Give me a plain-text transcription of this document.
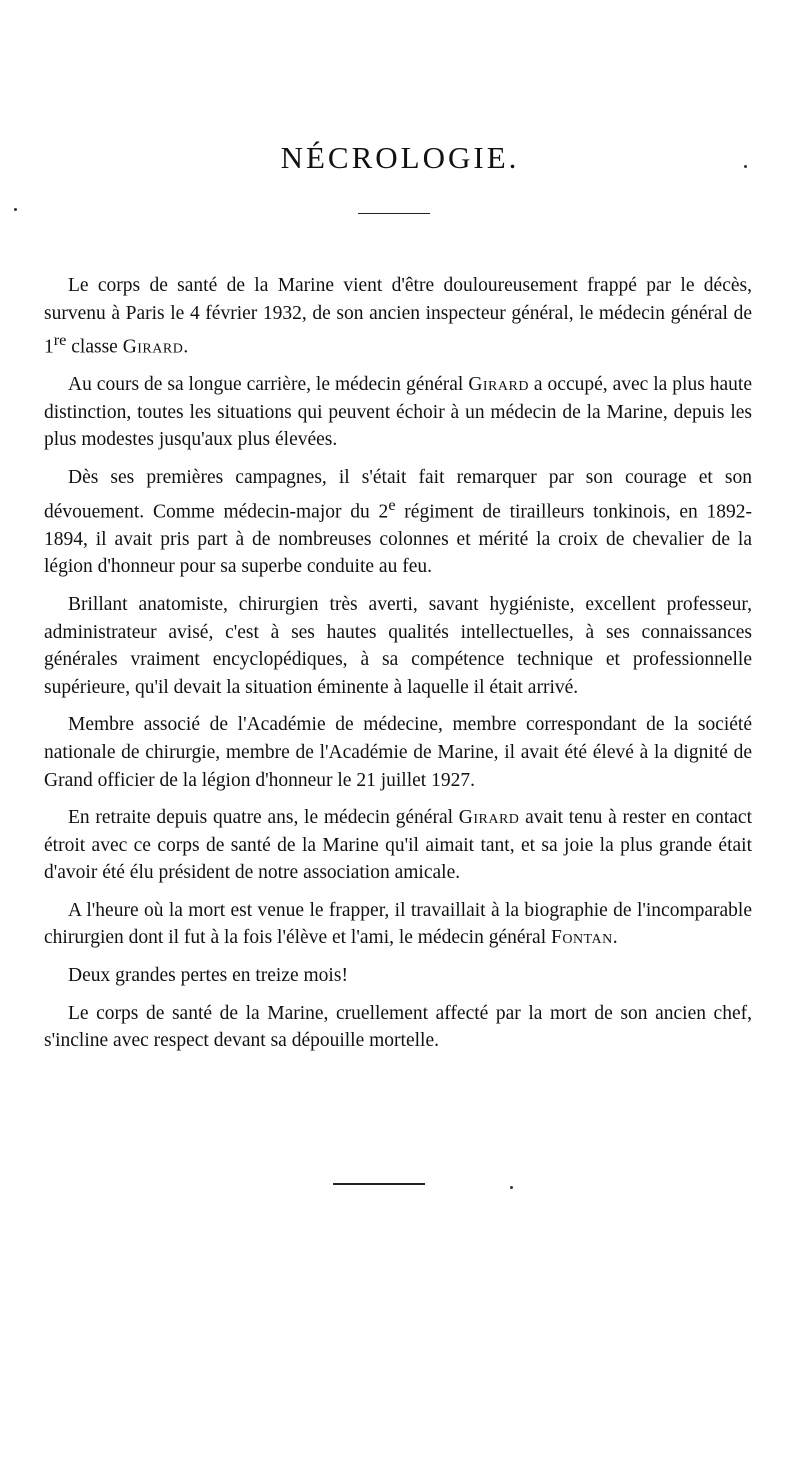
NÉCROLOGIE.

Le corps de santé de la Marine vient d'être douloureusement frappé par le décès, survenu à Paris le 4 février 1932, de son ancien inspecteur général, le médecin général de 1re classe Girard.

Au cours de sa longue carrière, le médecin général Girard a occupé, avec la plus haute distinction, toutes les situations qui peuvent échoir à un médecin de la Marine, depuis les plus modestes jusqu'aux plus élevées.

Dès ses premières campagnes, il s'était fait remarquer par son courage et son dévouement. Comme médecin-major du 2e régiment de tirailleurs tonkinois, en 1892-1894, il avait pris part à de nombreuses colonnes et mérité la croix de chevalier de la légion d'honneur pour sa superbe conduite au feu.

Brillant anatomiste, chirurgien très averti, savant hygiéniste, excellent professeur, administrateur avisé, c'est à ses hautes qualités intellectuelles, à ses connaissances générales vraiment encyclopédiques, à sa compétence technique et professionnelle supérieure, qu'il devait la situation éminente à laquelle il était arrivé.

Membre associé de l'Académie de médecine, membre correspondant de la société nationale de chirurgie, membre de l'Académie de Marine, il avait été élevé à la dignité de Grand officier de la légion d'honneur le 21 juillet 1927.

En retraite depuis quatre ans, le médecin général Girard avait tenu à rester en contact étroit avec ce corps de santé de la Marine qu'il aimait tant, et sa joie la plus grande était d'avoir été élu président de notre association amicale.

A l'heure où la mort est venue le frapper, il travaillait à la biographie de l'incomparable chirurgien dont il fut à la fois l'élève et l'ami, le médecin général Fontan.

Deux grandes pertes en treize mois!

Le corps de santé de la Marine, cruellement affecté par la mort de son ancien chef, s'incline avec respect devant sa dépouille mortelle.
